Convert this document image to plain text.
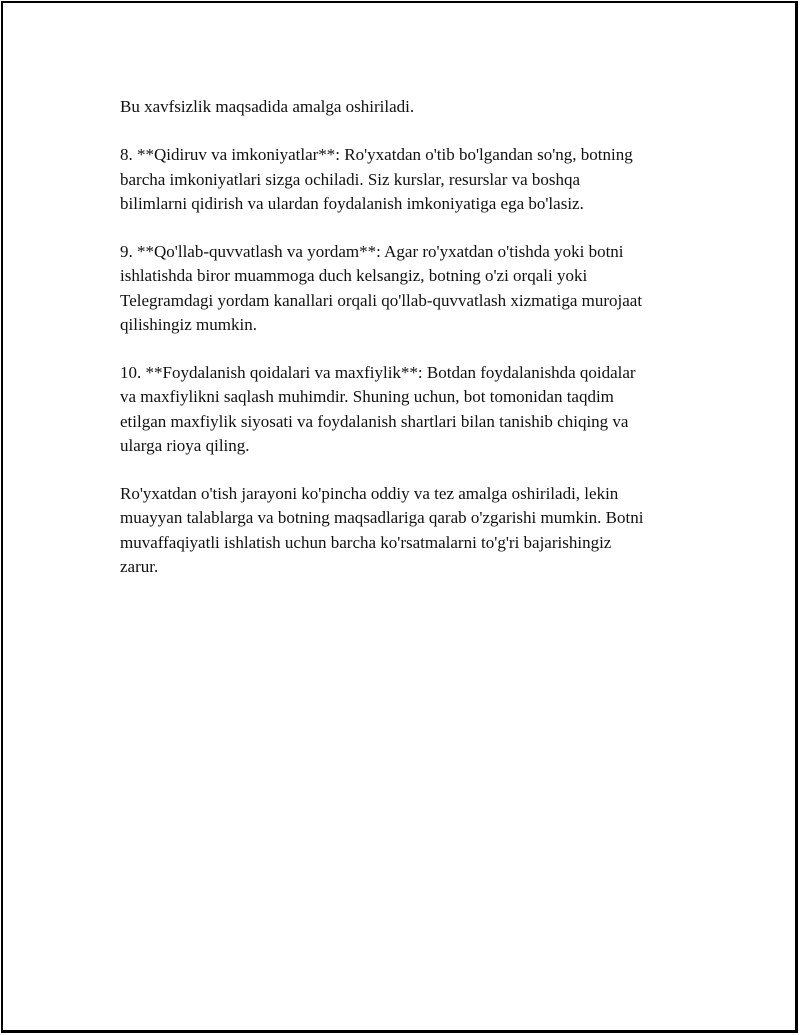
Bu xavfsizlik maqsadida amalga oshiriladi.

8. **Qidiruv va imkoniyatlar**: Ro'yxatdan o'tib bo'lgandan so'ng, botning
barcha imkoniyatlari sizga ochiladi. Siz kurslar, resurslar va boshqa
bilimlarni qidirish va ulardan foydalanish imkoniyatiga ega bo'lasiz.

9. **Qo'llab-quvvatlash va yordam**: Agar ro'yxatdan o'tishda yoki botni
ishlatishda biror muammoga duch kelsangiz, botning o'zi orqali yoki
Telegramdagi yordam kanallari orqali qo'llab-quvvatlash xizmatiga murojaat
qilishingiz mumkin.

10. **Foydalanish qoidalari va maxfiylik**: Botdan foydalanishda qoidalar
va maxfiylikni saqlash muhimdir. Shuning uchun, bot tomonidan taqdim
etilgan maxfiylik siyosati va foydalanish shartlari bilan tanishib chiqing va
ularga rioya qiling.

Ro'yxatdan o'tish jarayoni ko'pincha oddiy va tez amalga oshiriladi, lekin
muayyan talablarga va botning maqsadlariga qarab o'zgarishi mumkin. Botni
muvaffaqiyatli ishlatish uchun barcha ko'rsatmalarni to'g'ri bajarishingiz
zarur.
